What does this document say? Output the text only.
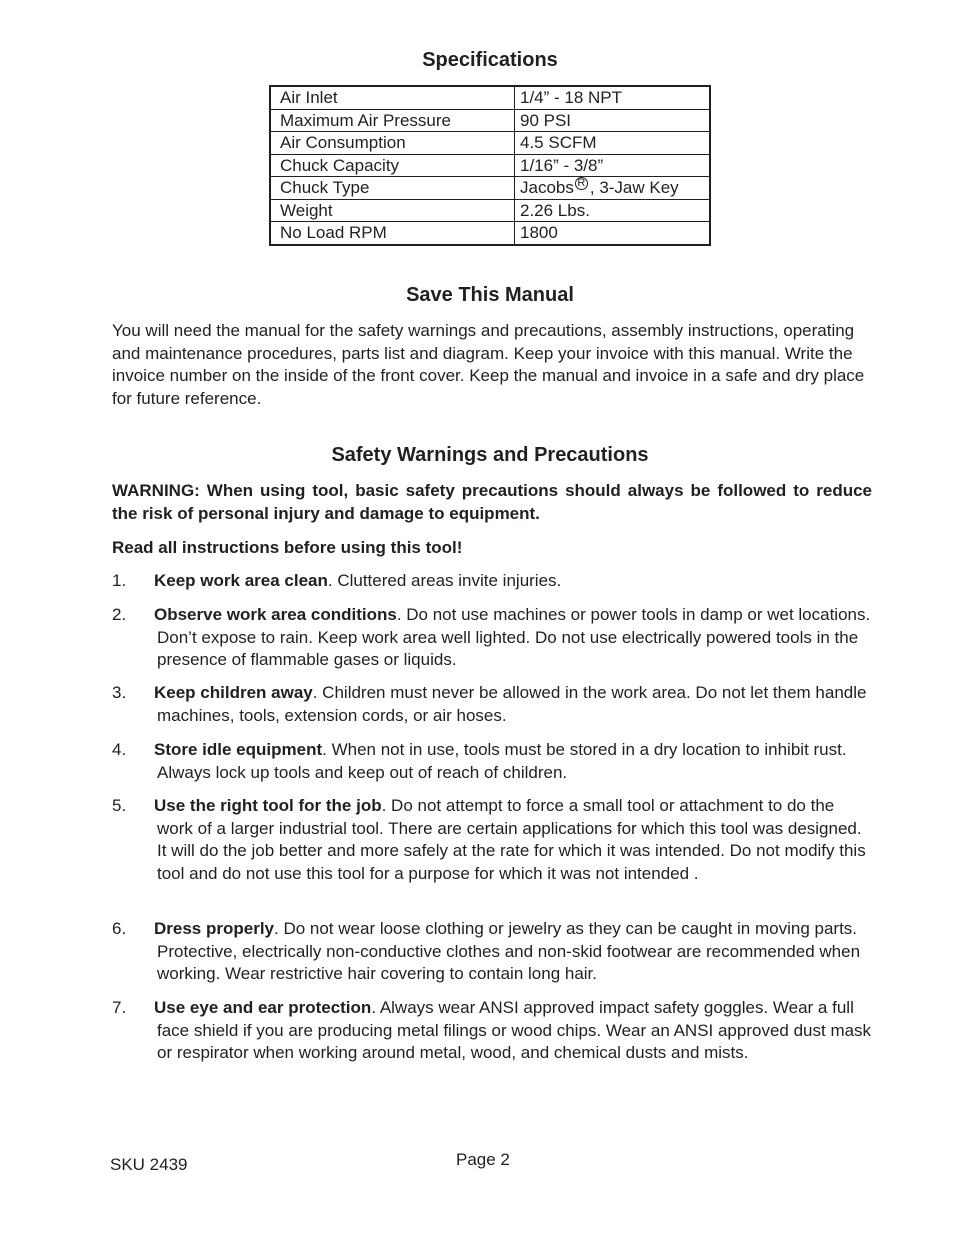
Specifications
Air Inlet	1/4” - 18 NPT
Maximum Air Pressure	90 PSI
Air Consumption	4.5 SCFM
Chuck Capacity	1/16” - 3/8”
Chuck Type	Jacobs R , 3-Jaw Key
Weight	2.26 Lbs.
No Load RPM	1800
Save This Manual

You will need the manual for the safety warnings and precautions, assembly instructions, operating and maintenance procedures, parts list and diagram. Keep your invoice with this manual. Write the invoice number on the inside of the front cover. Keep the manual and invoice in a safe and dry place for future reference.

Safety Warnings and Precautions

WARNING: When using tool, basic safety precautions should always be followed to reduce the risk of personal injury and damage to equipment.

Read all instructions before using this tool!

1. Keep work area clean. Cluttered areas invite injuries.
2. Observe work area conditions. Do not use machines or power tools in damp or wet locations. Don’t expose to rain. Keep work area well lighted. Do not use electrically powered tools in the presence of flammable gases or liquids.
3. Keep children away. Children must never be allowed in the work area. Do not let them handle machines, tools, extension cords, or air hoses.
4. Store idle equipment. When not in use, tools must be stored in a dry location to inhibit rust. Always lock up tools and keep out of reach of children.
5. Use the right tool for the job. Do not attempt to force a small tool or attachment to do the work of a larger industrial tool. There are certain applications for which this tool was designed. It will do the job better and more safely at the rate for which it was intended. Do not modify this tool and do not use this tool for a purpose for which it was not intended .
6. Dress properly. Do not wear loose clothing or jewelry as they can be caught in moving parts. Protective, electrically non-conductive clothes and non-skid footwear are recommended when working. Wear restrictive hair covering to contain long hair.
7. Use eye and ear protection. Always wear ANSI approved impact safety goggles. Wear a full face shield if you are producing metal filings or wood chips. Wear an ANSI approved dust mask or respirator when working around metal, wood, and chemical dusts and mists.
SKU 2439	Page 2
